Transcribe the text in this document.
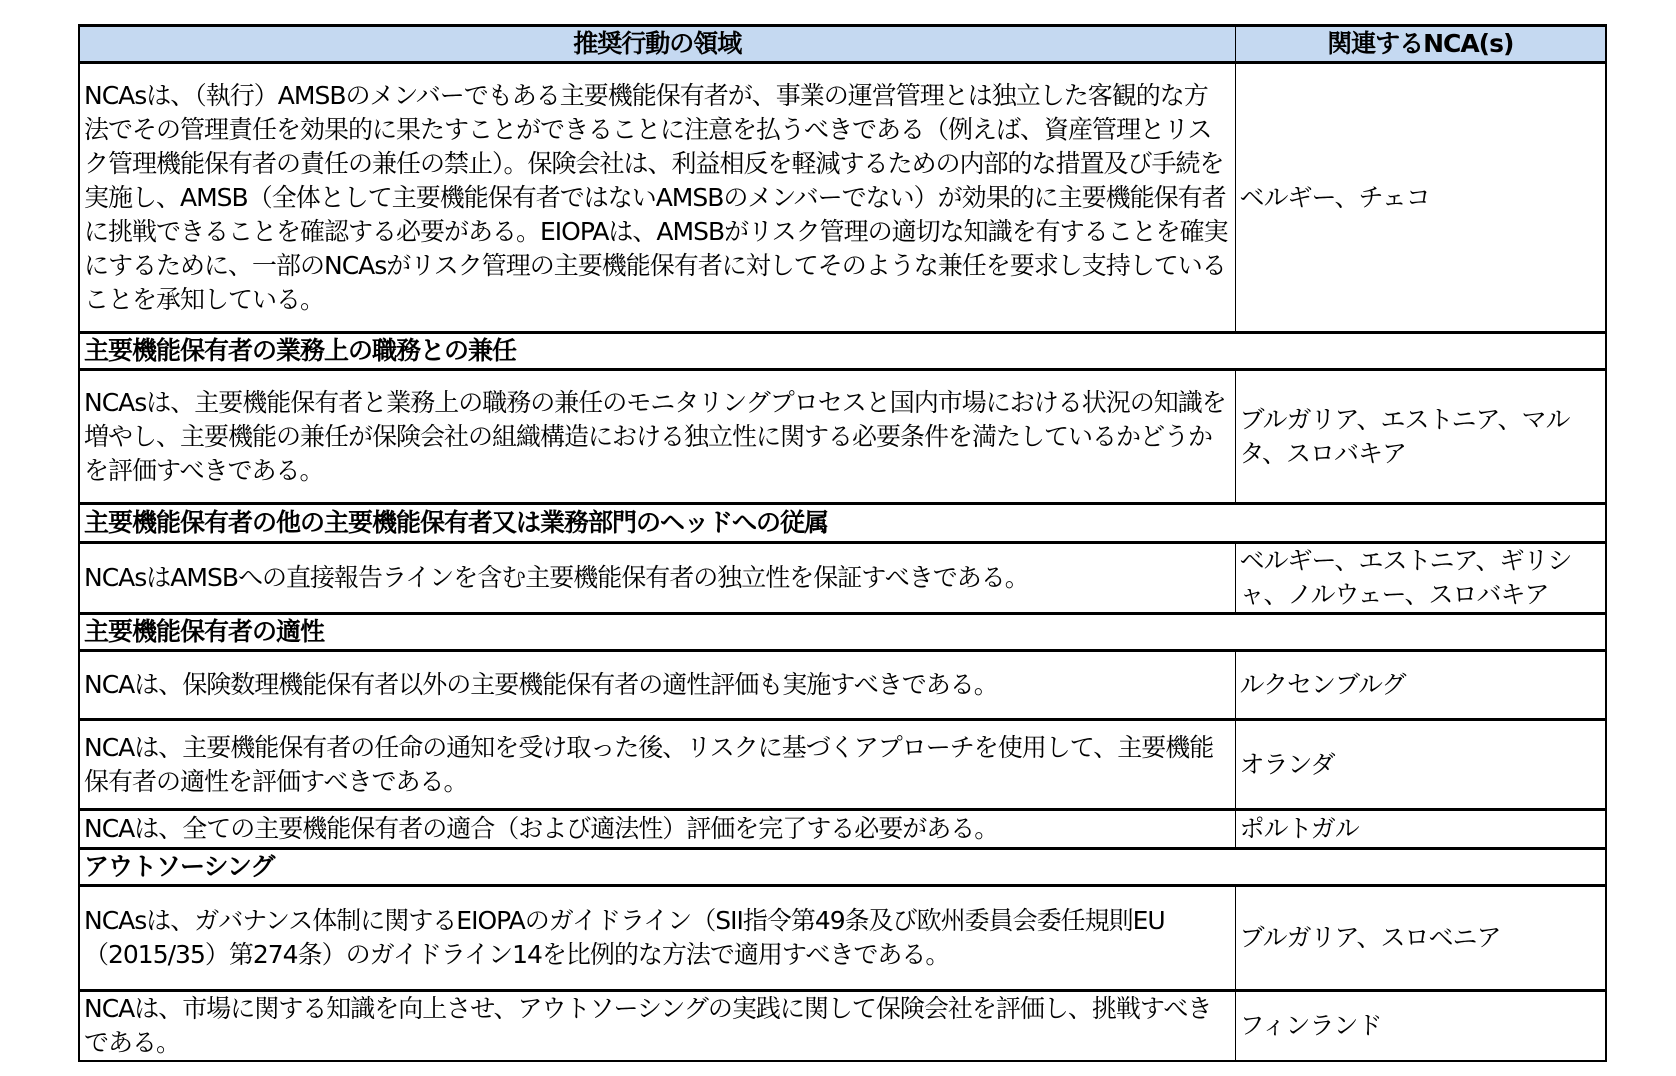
推奨行動の領域	関連するNCA(s)
NCAsは、（執行）AMSBのメンバーでもある主要機能保有者が、事業の運営管理とは独立した客観的な方法でその管理責任を効果的に果たすことができることに注意を払うべきである（例えば、資産管理とリスク管理機能保有者の責任の兼任の禁止）。保険会社は、利益相反を軽減するための内部的な措置及び手続を実施し、AMSB（全体として主要機能保有者ではないAMSBのメンバーでない）が効果的に主要機能保有者に挑戦できることを確認する必要がある。EIOPAは、AMSBがリスク管理の適切な知識を有することを確実にするために、一部のNCAsがリスク管理の主要機能保有者に対してそのような兼任を要求し支持していることを承知している。	ベルギー、チェコ
主要機能保有者の業務上の職務との兼任	
NCAsは、主要機能保有者と業務上の職務の兼任のモニタリングプロセスと国内市場における状況の知識を増やし、主要機能の兼任が保険会社の組織構造における独立性に関する必要条件を満たしているかどうかを評価すべきである。	ブルガリア、エストニア、マルタ、スロバキア
主要機能保有者の他の主要機能保有者又は業務部門のヘッドへの従属	
NCAsはAMSBへの直接報告ラインを含む主要機能保有者の独立性を保証すべきである。	ベルギー、エストニア、ギリシャ、ノルウェー、スロバキア
主要機能保有者の適性	
NCAは、保険数理機能保有者以外の主要機能保有者の適性評価も実施すべきである。	ルクセンブルグ
NCAは、主要機能保有者の任命の通知を受け取った後、リスクに基づくアプローチを使用して、主要機能保有者の適性を評価すべきである。	オランダ
NCAは、全ての主要機能保有者の適合（および適法性）評価を完了する必要がある。	ポルトガル
アウトソーシング	
NCAsは、ガバナンス体制に関するEIOPAのガイドライン（SII指令第49条及び欧州委員会委任規則EU（2015/35）第274条）のガイドライン14を比例的な方法で適用すべきである。	ブルガリア、スロベニア
NCAは、市場に関する知識を向上させ、アウトソーシングの実践に関して保険会社を評価し、挑戦すべきである。	フィンランド
